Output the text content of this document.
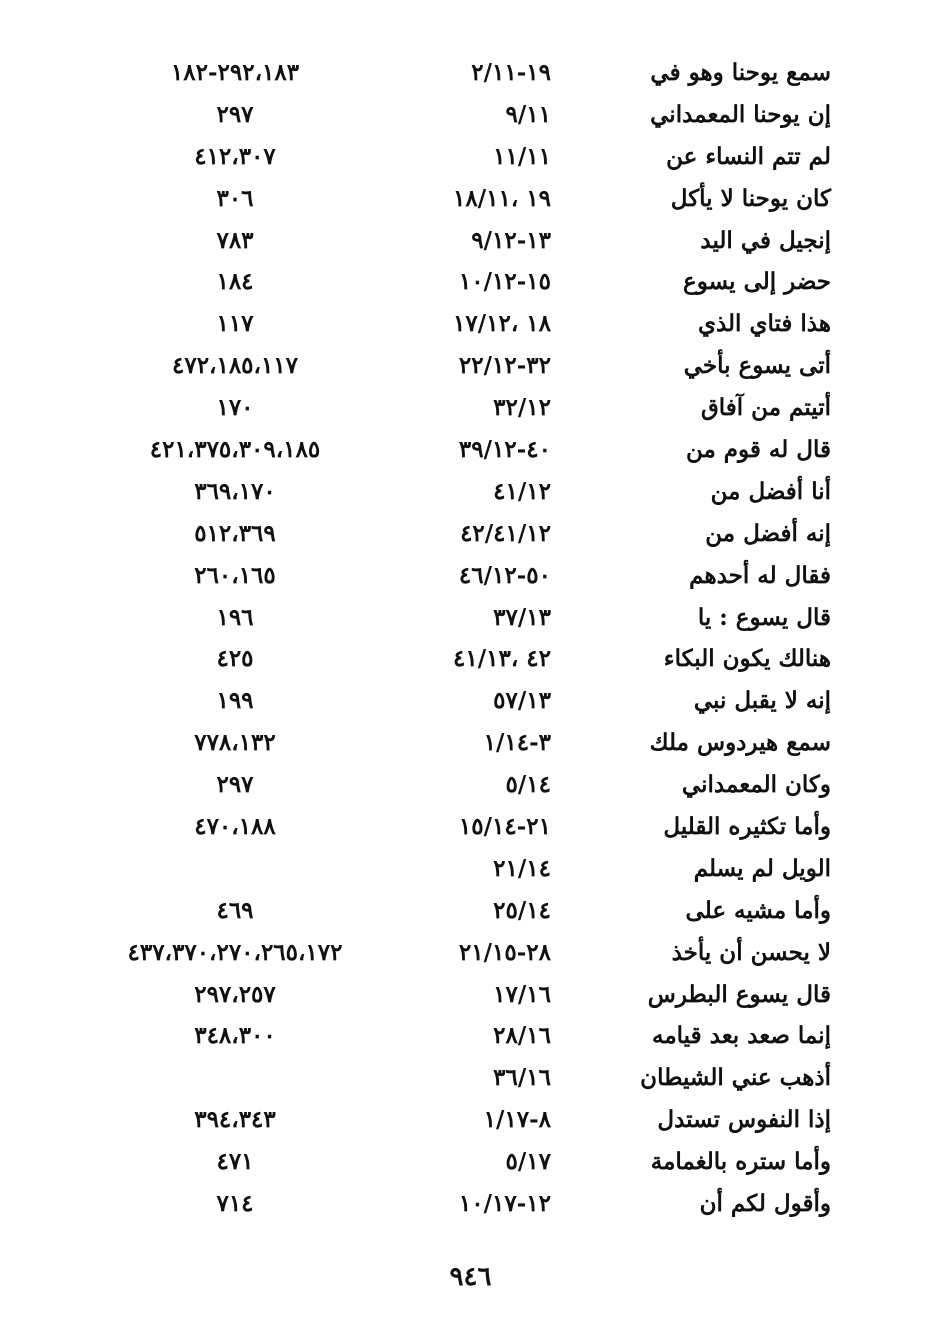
سمع يوحنا وهو في
١٩-٢/١١
٢٩٢،١٨٣-١٨٢
إن يوحنا المعمداني
٩/١١
٢٩٧
لم تتم النساء عن
١١/١١
٤١٢،٣٠٧
كان يوحنا لا يأكل
١٩ ،١٨/١١
٣٠٦
إنجيل في اليد
١٣-٩/١٢
٧٨٣
حضر إلى يسوع
١٥-١٠/١٢
١٨٤
هذا فتاي الذي
١٨ ،١٧/١٢
١١٧
أتى يسوع بأخي
٣٢-٢٢/١٢
٤٧٢،١٨٥،١١٧
أتيتم من آفاق
٣٢/١٢
١٧٠
قال له قوم من
٤٠-٣٩/١٢
٤٢١،٣٧٥،٣٠٩،١٨٥
أنا أفضل من
٤١/١٢
٣٦٩،١٧٠
إنه أفضل من
٤٢/٤١/١٢
٥١٢،٣٦٩
فقال له أحدهم
٥٠-٤٦/١٢
٢٦٠،١٦٥
قال يسوع : يا
٣٧/١٣
١٩٦
هنالك يكون البكاء
٤٢ ،٤١/١٣
٤٢٥
إنه لا يقبل نبي
٥٧/١٣
١٩٩
سمع هيردوس ملك
٣-١/١٤
٧٧٨،١٣٢
وكان المعمداني
٥/١٤
٢٩٧
وأما تكثيره القليل
٢١-١٥/١٤
٤٧٠،١٨٨
الويل لم يسلم
٢١/١٤
وأما مشيه على
٢٥/١٤
٤٦٩
لا يحسن أن يأخذ
٢٨-٢١/١٥
٤٣٧،٣٧٠،٢٧٠،٢٦٥،١٧٢
قال يسوع البطرس
١٧/١٦
٢٩٧،٢٥٧
إنما صعد بعد قيامه
٢٨/١٦
٣٤٨،٣٠٠
أذهب عني الشيطان
٣٦/١٦
إذا النفوس تستدل
٨-١/١٧
٣٩٤،٣٤٣
وأما ستره بالغمامة
٥/١٧
٤٧١
وأقول لكم أن
١٢-١٠/١٧
٧١٤
٩٤٦
